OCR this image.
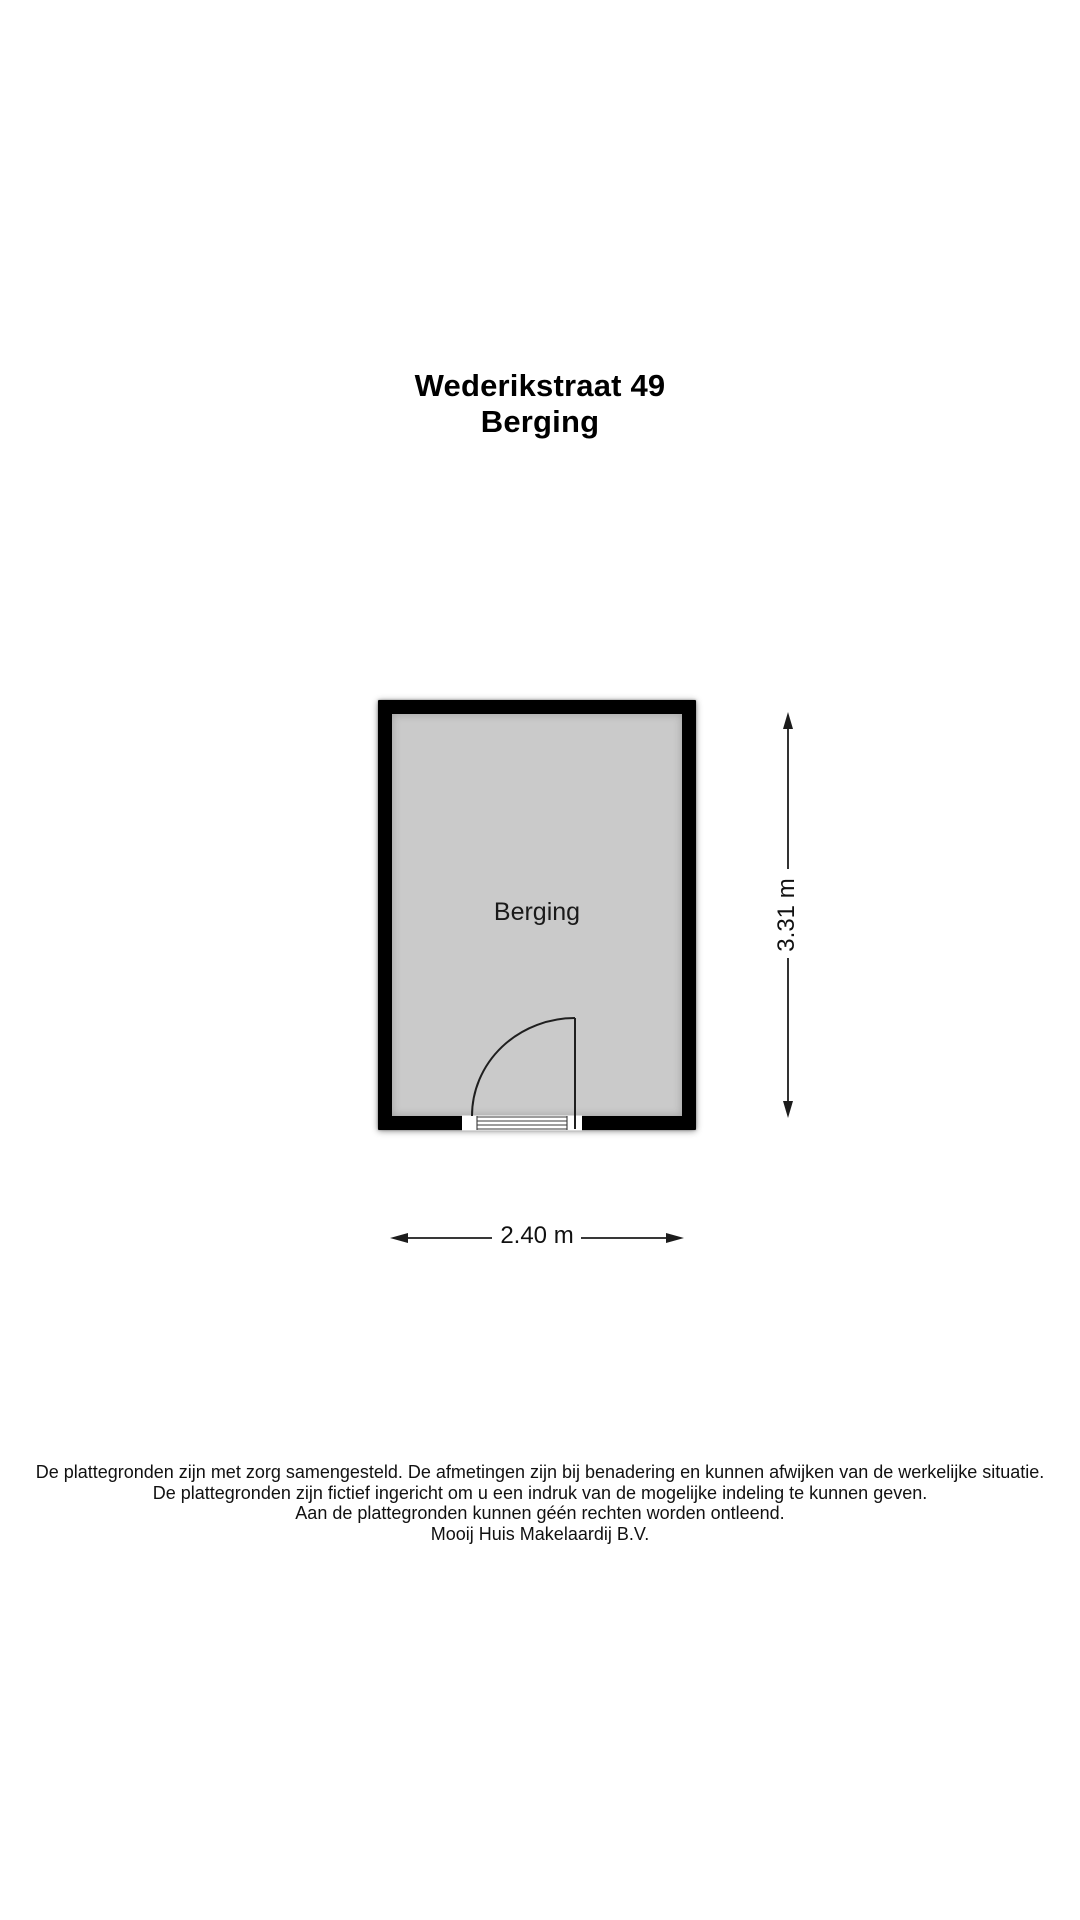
Wederikstraat 49
Berging
Berging	3.31 m
2.40 m
De plattegronden zijn met zorg samengesteld. De afmetingen zijn bij benadering en kunnen afwijken van de werkelijke situatie.
De plattegronden zijn fictief ingericht om u een indruk van de mogelijke indeling te kunnen geven.
Aan de plattegronden kunnen géén rechten worden ontleend.
Mooij Huis Makelaardij B.V.
